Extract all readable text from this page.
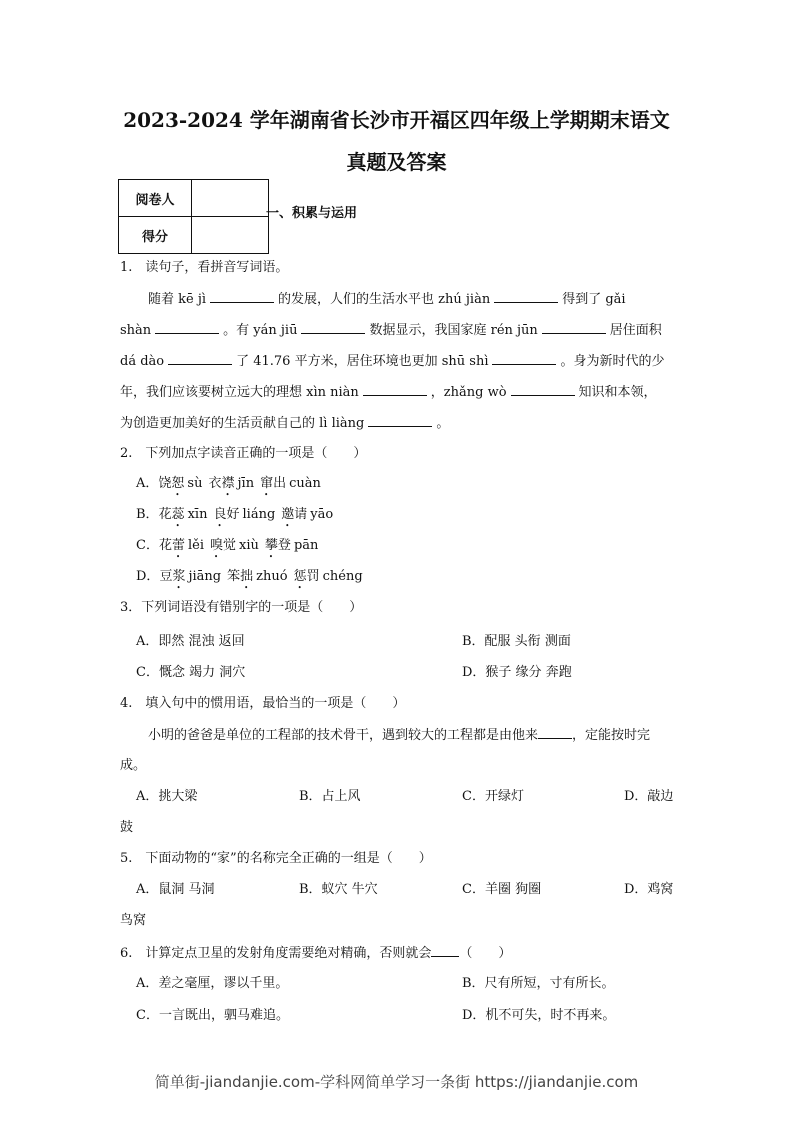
2023-2024 学年湖南省长沙市开福区四年级上学期期末语文
真题及答案
阅卷人	
得分	
一、积累与运用
1.　读句子，看拼音写词语。
随着 kē jì	的发展，人们的生活水平也 zhú jiàn	得到了 gǎi
shàn	。有 yán jiū	数据显示，我国家庭 rén jūn	居住面积
dá dào	了 41.76 平方米，居住环境也更加 shū shì	。身为新时代的少
年，我们应该要树立远大的理想 xìn niàn	，zhǎng wò	知识和本领，
为创造更加美好的生活贡献自己的 lì liàng	。
2.　下列加点字读音正确的一项是（　　）
A．饶恕 sù 衣襟 jīn 窜出 cuàn
B．花蕊 xīn 良好 liáng 邀请 yāo
C．花蕾 lěi 嗅觉 xiù 攀登 pān
D．豆浆 jiāng 笨拙 zhuó 惩罚 chéng
3．下列词语没有错别字的一项是（　　）
A．即然 混浊 返回	B．配服 头衔 测面
C．慨念 竭力 洞穴	D．猴子 缘分 奔跑
4.　填入句中的惯用语，最恰当的一项是（　　）
小明的爸爸是单位的工程部的技术骨干，遇到较大的工程都是由他来	，定能按时完
成。
A．挑大梁	B．占上风	C．开绿灯	D．敲边
鼓
5.　下面动物的“家”的名称完全正确的一组是（　　）
A．鼠洞 马洞	B．蚁穴 牛穴	C．羊圈 狗圈	D．鸡窝
鸟窝
6.　计算定点卫星的发射角度需要绝对精确，否则就会 （　　）
A．差之毫厘，谬以千里。	B．尺有所短，寸有所长。
C．一言既出，驷马难追。	D．机不可失，时不再来。
简单街-jiandanjie.com-学科网简单学习一条街 https://jiandanjie.com
